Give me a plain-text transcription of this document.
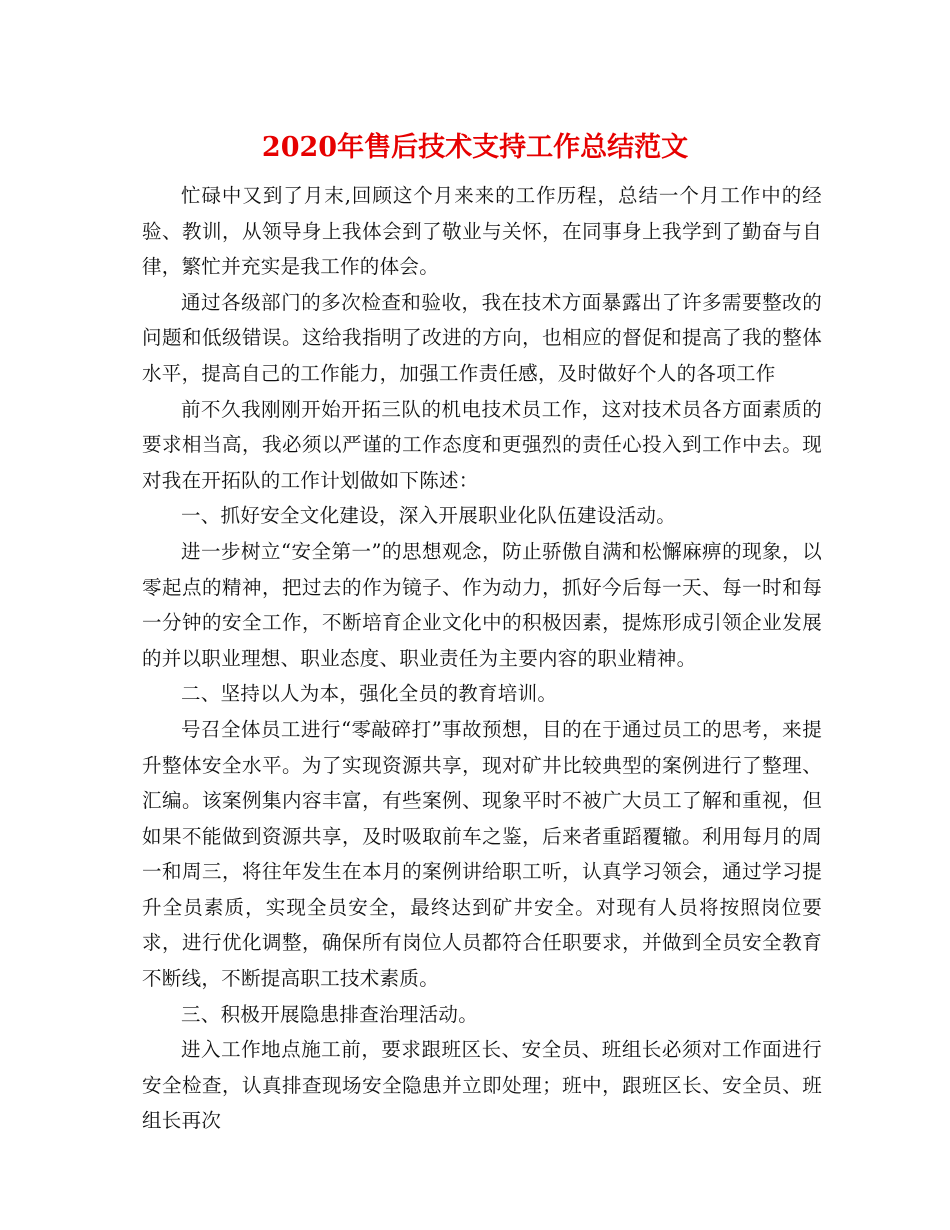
2020年售后技术支持工作总结范文

忙碌中又到了月末,回顾这个月来来的工作历程，总结一个月工作中的经验、教训，从领导身上我体会到了敬业与关怀，在同事身上我学到了勤奋与自律，繁忙并充实是我工作的体会。

通过各级部门的多次检查和验收，我在技术方面暴露出了许多需要整改的问题和低级错误。这给我指明了改进的方向，也相应的督促和提高了我的整体水平，提高自己的工作能力，加强工作责任感，及时做好个人的各项工作

前不久我刚刚开始开拓三队的机电技术员工作，这对技术员各方面素质的要求相当高，我必须以严谨的工作态度和更强烈的责任心投入到工作中去。现对我在开拓队的工作计划做如下陈述：

一、抓好安全文化建设，深入开展职业化队伍建设活动。

进一步树立“安全第一”的思想观念，防止骄傲自满和松懈麻痹的现象，以零起点的精神，把过去的作为镜子、作为动力，抓好今后每一天、每一时和每一分钟的安全工作，不断培育企业文化中的积极因素，提炼形成引领企业发展的并以职业理想、职业态度、职业责任为主要内容的职业精神。

二、坚持以人为本，强化全员的教育培训。

号召全体员工进行“零敲碎打”事故预想，目的在于通过员工的思考，来提升整体安全水平。为了实现资源共享，现对矿井比较典型的案例进行了整理、汇编。该案例集内容丰富，有些案例、现象平时不被广大员工了解和重视，但如果不能做到资源共享，及时吸取前车之鉴，后来者重蹈覆辙。利用每月的周一和周三，将往年发生在本月的案例讲给职工听，认真学习领会，通过学习提升全员素质，实现全员安全，最终达到矿井安全。对现有人员将按照岗位要求，进行优化调整，确保所有岗位人员都符合任职要求，并做到全员安全教育不断线，不断提高职工技术素质。

三、积极开展隐患排查治理活动。

进入工作地点施工前，要求跟班区长、安全员、班组长必须对工作面进行安全检查，认真排查现场安全隐患并立即处理；班中，跟班区长、安全员、班组长再次
